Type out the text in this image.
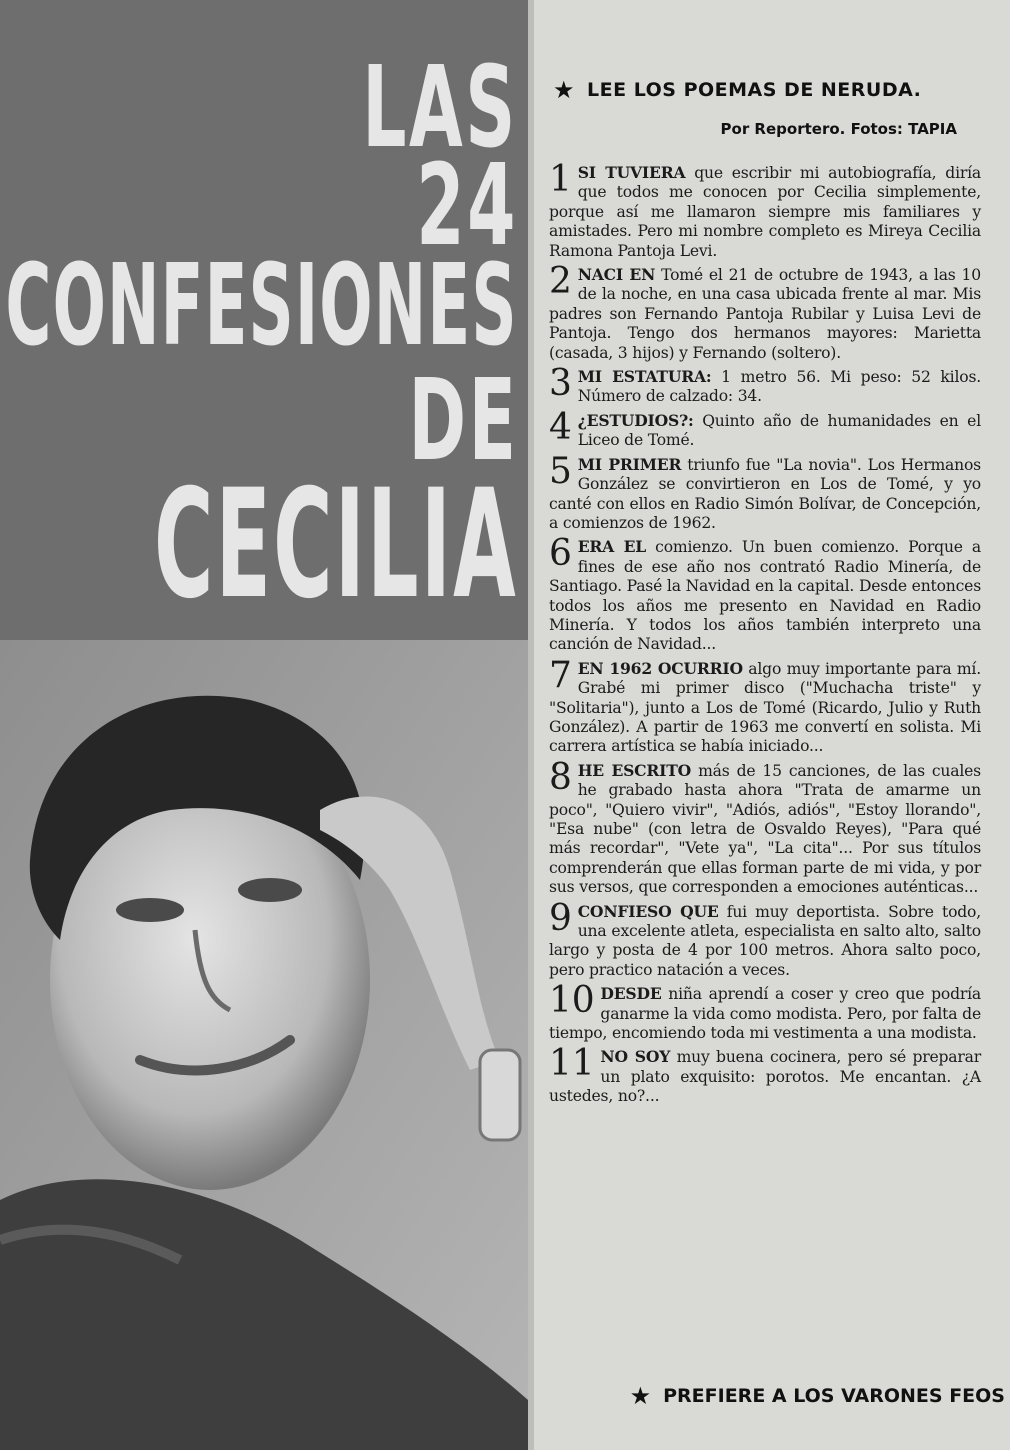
LAS
24
CONFESIONES
DE
CECILIA
★ LEE LOS POEMAS DE NERUDA.
Por Reportero. Fotos: TAPIA

1 SI TUVIERA que escribir mi autobiografía, diría que todos me conocen por Cecilia simplemente, porque así me llamaron siempre mis familiares y amistades. Pero mi nombre completo es Mireya Cecilia Ramona Pantoja Levi.

2 NACI EN Tomé el 21 de octubre de 1943, a las 10 de la noche, en una casa ubicada frente al mar. Mis padres son Fernando Pantoja Rubilar y Luisa Levi de Pantoja. Tengo dos hermanos mayores: Marietta (casada, 3 hijos) y Fernando (soltero).

3 MI ESTATURA: 1 metro 56. Mi peso: 52 kilos. Número de calzado: 34.

4 ¿ESTUDIOS?: Quinto año de humanidades en el Liceo de Tomé.

5 MI PRIMER triunfo fue "La novia". Los Hermanos González se convirtieron en Los de Tomé, y yo canté con ellos en Radio Simón Bolívar, de Concepción, a comienzos de 1962.

6 ERA EL comienzo. Un buen comienzo. Porque a fines de ese año nos contrató Radio Minería, de Santiago. Pasé la Navidad en la capital. Desde entonces todos los años me presento en Navidad en Radio Minería. Y todos los años también interpreto una canción de Navidad...

7 EN 1962 OCURRIO algo muy importante para mí. Grabé mi primer disco ("Muchacha triste" y "Solitaria"), junto a Los de Tomé (Ricardo, Julio y Ruth González). A partir de 1963 me convertí en solista. Mi carrera artística se había iniciado...

8 HE ESCRITO más de 15 canciones, de las cuales he grabado hasta ahora "Trata de amarme un poco", "Quiero vivir", "Adiós, adiós", "Estoy llorando", "Esa nube" (con letra de Osvaldo Reyes), "Para qué más recordar", "Vete ya", "La cita"... Por sus títulos comprenderán que ellas forman parte de mi vida, y por sus versos, que corresponden a emociones auténticas...

9 CONFIESO QUE fui muy deportista. Sobre todo, una excelente atleta, especialista en salto alto, salto largo y posta de 4 por 100 metros. Ahora salto poco, pero practico natación a veces.

10 DESDE niña aprendí a coser y creo que podría ganarme la vida como modista. Pero, por falta de tiempo, encomiendo toda mi vestimenta a una modista.

11 NO SOY muy buena cocinera, pero sé preparar un plato exquisito: porotos. Me encantan. ¿A ustedes, no?...

★ PREFIERE A LOS VARONES FEOS
